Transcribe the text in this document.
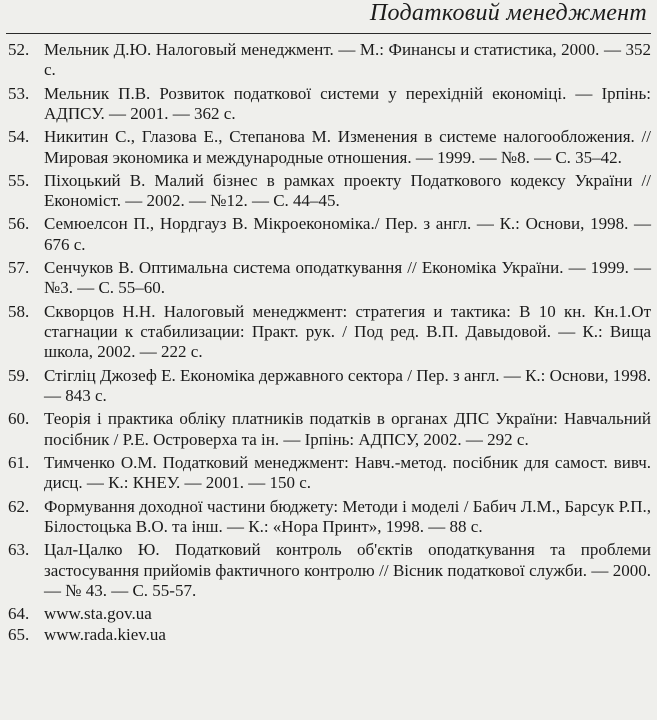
Податковий менеджмент
52. Мельник Д.Ю. Налоговый менеджмент. — М.: Финансы и статистика, 2000. — 352 с.
53. Мельник П.В. Розвиток податкової системи у перехідній економіці. — Ірпінь: АДПСУ. — 2001. — 362 с.
54. Никитин С., Глазова Е., Степанова М. Изменения в системе налогообложения. // Мировая экономика и международные отношения. — 1999. — №8. — С. 35–42.
55. Піхоцький В. Малий бізнес в рамках проекту Податкового кодексу України // Економіст. — 2002. — №12. — С. 44–45.
56. Семюелсон П., Нордгауз В. Мікроекономіка./ Пер. з англ. — К.: Основи, 1998. — 676 с.
57. Сенчуков В. Оптимальна система оподаткування // Економіка України. — 1999. — №3. — С. 55–60.
58. Скворцов Н.Н. Налоговый менеджмент: стратегия и тактика: В 10 кн. Кн.1.От стагнации к стабилизации: Практ. рук. / Под ред. В.П. Давыдовой. — К.: Вища школа, 2002. — 222 с.
59. Стігліц Джозеф Е. Економіка державного сектора / Пер. з англ. — К.: Основи, 1998. — 843 с.
60. Теорія і практика обліку платників податків в органах ДПС України: Навчальний посібник / Р.Е. Островерха та ін. — Ірпінь: АДПСУ, 2002. — 292 с.
61. Тимченко О.М. Податковий менеджмент: Навч.-метод. посібник для самост. вивч. дисц. — К.: КНЕУ. — 2001. — 150 с.
62. Формування доходної частини бюджету: Методи і моделі / Бабич Л.М., Барсук Р.П., Білостоцька В.О. та інш. — К.: «Нора Принт», 1998. — 88 с.
63. Цал-Цалко Ю. Податковий контроль об'єктів оподаткування та проблеми застосування прийомів фактичного контролю // Вісник податкової служби. — 2000. — № 43. — С. 55-57.
64. www.sta.gov.ua
65. www.rada.kiev.ua
